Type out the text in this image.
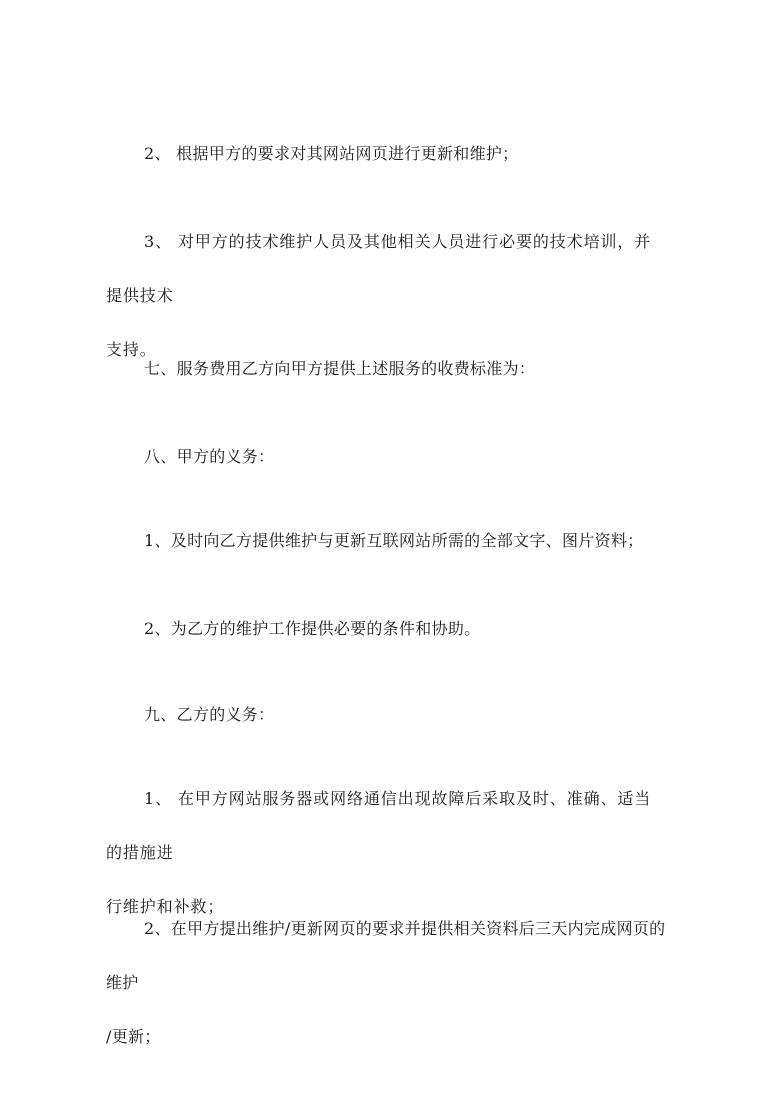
2、 根据甲方的要求对其网站网页进行更新和维护；
3、 对甲方的技术维护人员及其他相关人员进行必要的技术培训，并提供技术
支持。
七、服务费用乙方向甲方提供上述服务的收费标准为：
八、甲方的义务：
1、及时向乙方提供维护与更新互联网站所需的全部文字、图片资料；
2、为乙方的维护工作提供必要的条件和协助。
九、乙方的义务：
1、 在甲方网站服务器或网络通信出现故障后采取及时、准确、适当的措施进
行维护和补救；
2、在甲方提出维护/更新网页的要求并提供相关资料后三天内完成网页的维护
/更新；
